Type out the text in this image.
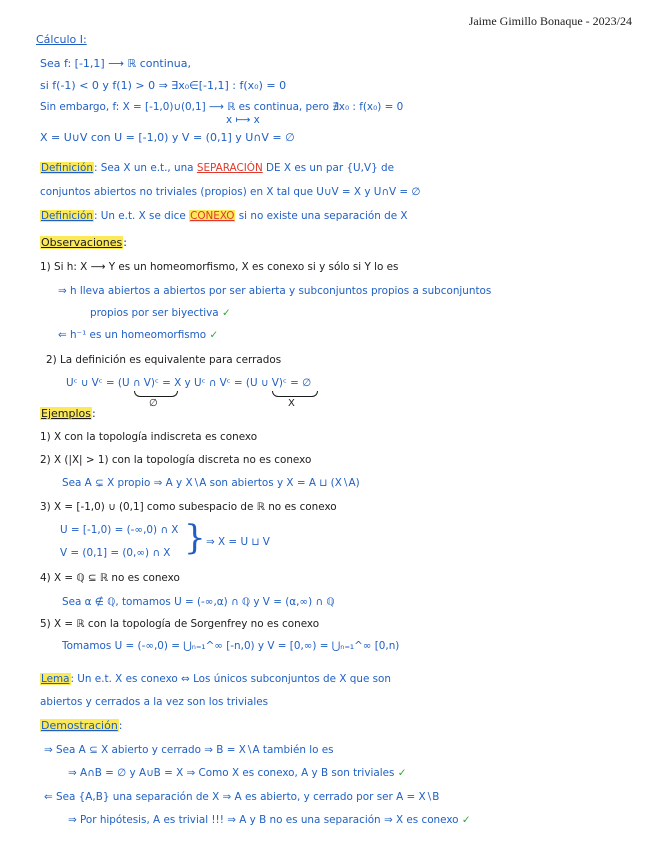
Jaime Gimillo Bonaque - 2023/24
Cálculo I:
Sea f: [-1,1] ⟶ ℝ continua,
si f(-1) < 0 y f(1) > 0 ⇒ ∃x₀∈[-1,1] : f(x₀) = 0
Sin embargo, f: X = [-1,0)∪(0,1] ⟶ ℝ es continua, pero ∄x₀ : f(x₀) = 0
x ⟼ x
X = U∪V con U = [-1,0) y V = (0,1] y U∩V = ∅
Definición: Sea X un e.t., una SEPARACIÓN DE X es un par {U,V} de
conjuntos abiertos no triviales (propios) en X tal que U∪V = X y U∩V = ∅
Definición: Un e.t. X se dice CONEXO si no existe una separación de X
Observaciones:
1) Si h: X ⟶ Y es un homeomorfismo, X es conexo si y sólo si Y lo es
⇒ h lleva abiertos a abiertos por ser abierta y subconjuntos propios a subconjuntos
propios por ser biyectiva ✓
⇐ h⁻¹ es un homeomorfismo ✓
2) La definición es equivalente para cerrados
Uᶜ ∪ Vᶜ = (U ∩ V)ᶜ = X y Uᶜ ∩ Vᶜ = (U ∪ V)ᶜ = ∅
∅	X
Ejemplos:
1) X con la topología indiscreta es conexo
2) X (|X| > 1) con la topología discreta no es conexo
Sea A ⊊ X propio ⇒ A y X∖A son abiertos y X = A ⊔ (X∖A)
3) X = [-1,0) ∪ (0,1] como subespacio de ℝ no es conexo
U = [-1,0) = (-∞,0) ∩ X
V = (0,1] = (0,∞) ∩ X } ⇒ X = U ⊔ V
4) X = ℚ ⊆ ℝ no es conexo
Sea α ∉ ℚ, tomamos U = (-∞,α) ∩ ℚ y V = (α,∞) ∩ ℚ
5) X = ℝ con la topología de Sorgenfrey no es conexo
Tomamos U = (-∞,0) = ⋃ₙ₌₁^∞ [-n,0) y V = [0,∞) = ⋃ₙ₌₁^∞ [0,n)
Lema: Un e.t. X es conexo ⇔ Los únicos subconjuntos de X que son
abiertos y cerrados a la vez son los triviales
Demostración:
⇒ Sea A ⊆ X abierto y cerrado ⇒ B = X∖A también lo es
⇒ A∩B = ∅ y A∪B = X ⇒ Como X es conexo, A y B son triviales ✓
⇐ Sea {A,B} una separación de X ⇒ A es abierto, y cerrado por ser A = X∖B
⇒ Por hipótesis, A es trivial !!! ⇒ A y B no es una separación ⇒ X es conexo ✓
